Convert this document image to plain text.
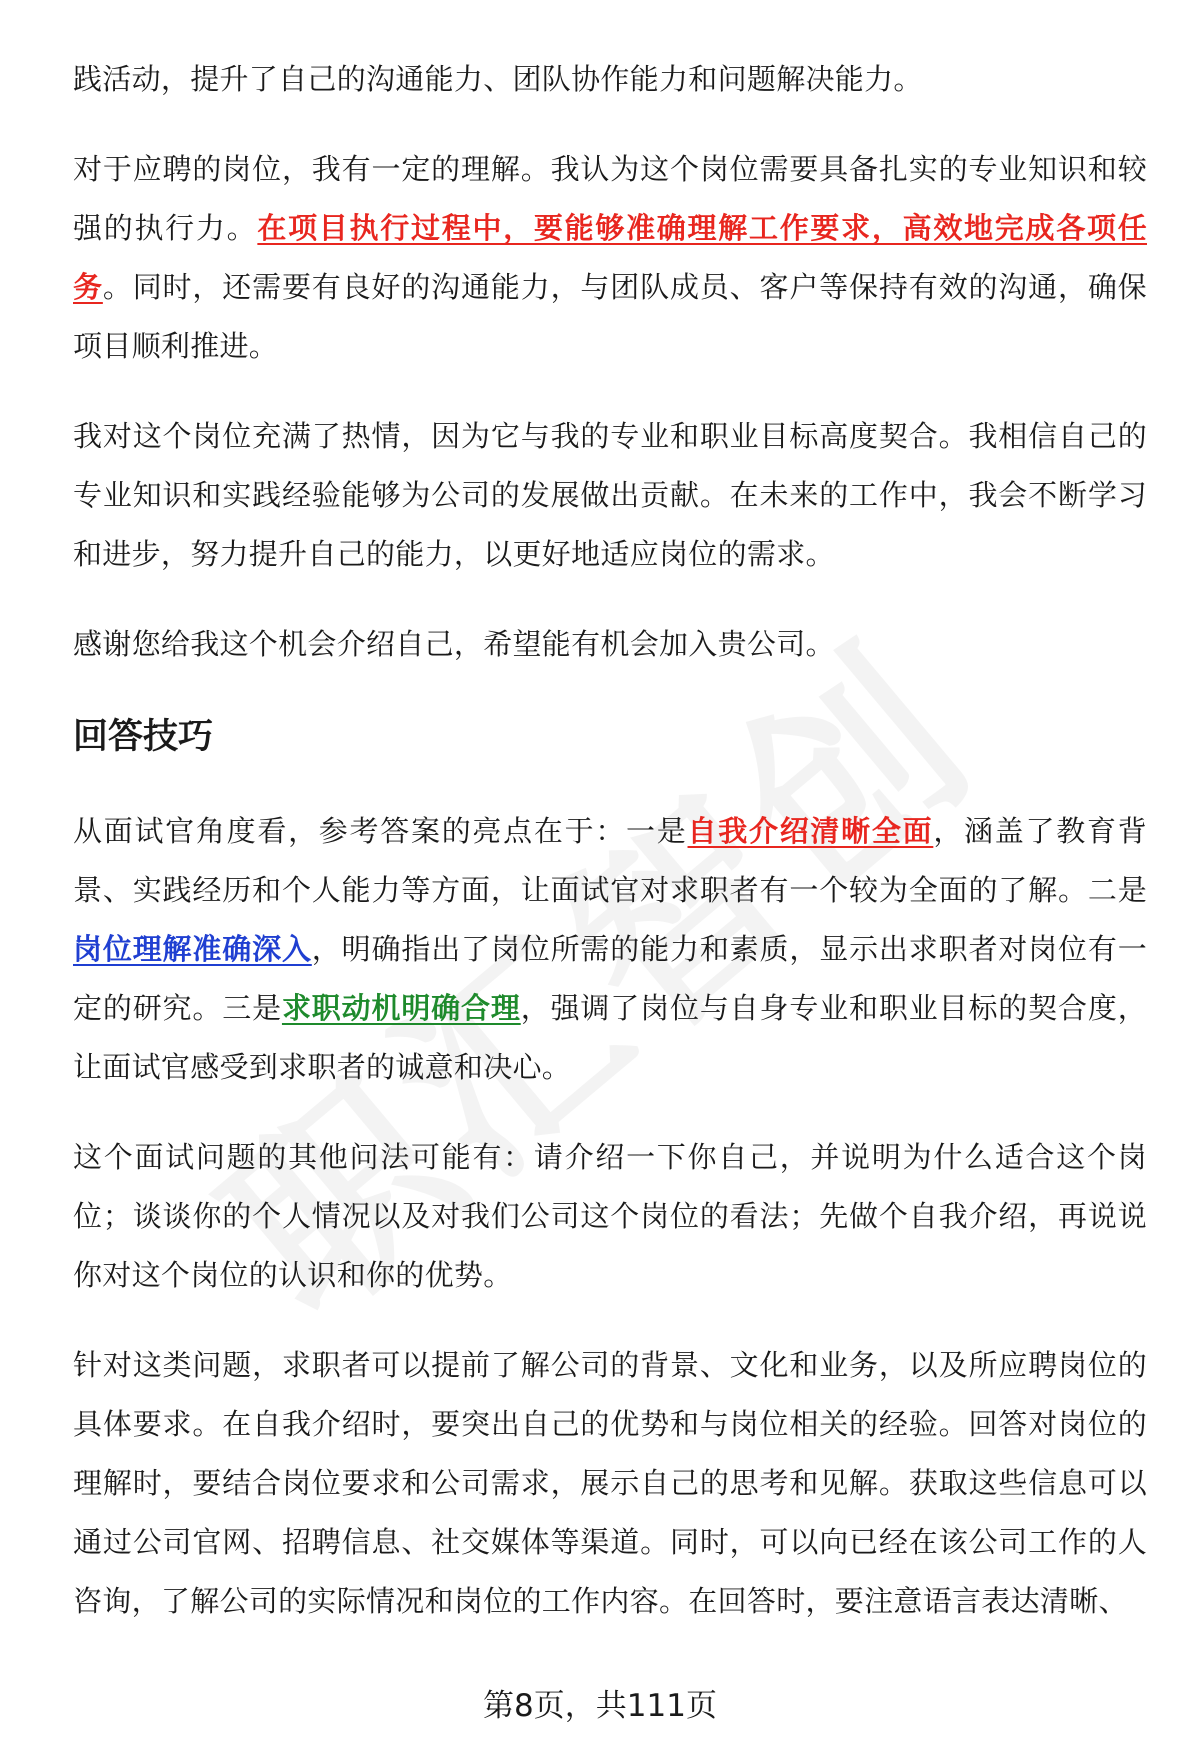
践活动，提升了自己的沟通能力、团队协作能力和问题解决能力。

对于应聘的岗位，我有一定的理解。我认为这个岗位需要具备扎实的专业知识和较强的执行力。在项目执行过程中，要能够准确理解工作要求，高效地完成各项任务。同时，还需要有良好的沟通能力，与团队成员、客户等保持有效的沟通，确保项目顺利推进。

我对这个岗位充满了热情，因为它与我的专业和职业目标高度契合。我相信自己的专业知识和实践经验能够为公司的发展做出贡献。在未来的工作中，我会不断学习和进步，努力提升自己的能力，以更好地适应岗位的需求。

感谢您给我这个机会介绍自己，希望能有机会加入贵公司。

回答技巧

从面试官角度看，参考答案的亮点在于：一是自我介绍清晰全面，涵盖了教育背景、实践经历和个人能力等方面，让面试官对求职者有一个较为全面的了解。二是岗位理解准确深入，明确指出了岗位所需的能力和素质，显示出求职者对岗位有一定的研究。三是求职动机明确合理，强调了岗位与自身专业和职业目标的契合度，让面试官感受到求职者的诚意和决心。

这个面试问题的其他问法可能有：请介绍一下你自己，并说明为什么适合这个岗位；谈谈你的个人情况以及对我们公司这个岗位的看法；先做个自我介绍，再说说你对这个岗位的认识和你的优势。

针对这类问题，求职者可以提前了解公司的背景、文化和业务，以及所应聘岗位的具体要求。在自我介绍时，要突出自己的优势和与岗位相关的经验。回答对岗位的理解时，要结合岗位要求和公司需求，展示自己的思考和见解。获取这些信息可以通过公司官网、招聘信息、社交媒体等渠道。同时，可以向已经在该公司工作的人咨询，了解公司的实际情况和岗位的工作内容。在回答时，要注意语言表达清晰、

第8页，共111页
